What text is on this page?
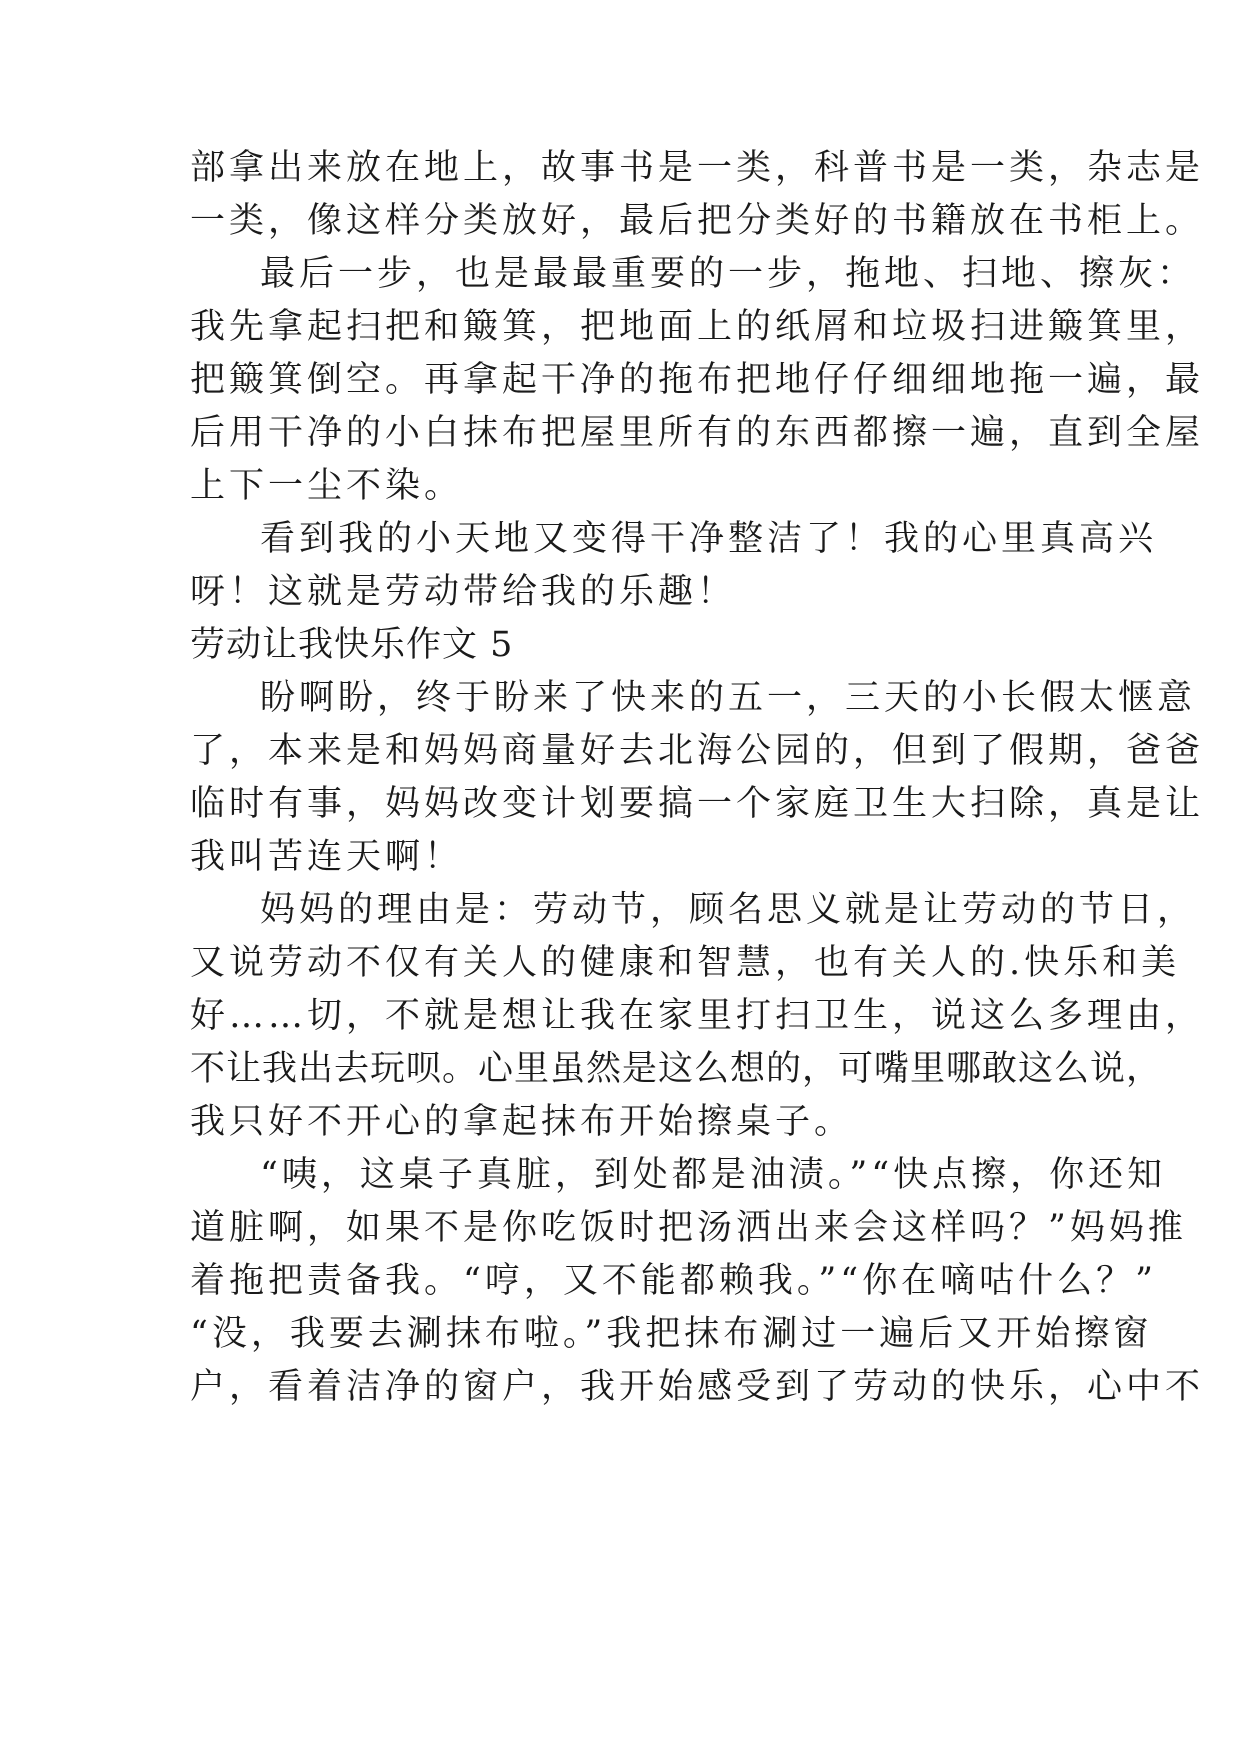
部拿出来放在地上，故事书是一类，科普书是一类，杂志是
一类，像这样分类放好，最后把分类好的书籍放在书柜上。
最后一步，也是最最重要的一步，拖地、扫地、擦灰：
我先拿起扫把和簸箕，把地面上的纸屑和垃圾扫进簸箕里，
把簸箕倒空。再拿起干净的拖布把地仔仔细细地拖一遍，最
后用干净的小白抹布把屋里所有的东西都擦一遍，直到全屋
上下一尘不染。
看到我的小天地又变得干净整洁了！我的心里真高兴
呀！这就是劳动带给我的乐趣！
劳动让我快乐作文 5
盼啊盼，终于盼来了快来的五一，三天的小长假太惬意
了，本来是和妈妈商量好去北海公园的，但到了假期，爸爸
临时有事，妈妈改变计划要搞一个家庭卫生大扫除，真是让
我叫苦连天啊！
妈妈的理由是：劳动节，顾名思义就是让劳动的节日，
又说劳动不仅有关人的健康和智慧，也有关人的.快乐和美
好……切，不就是想让我在家里打扫卫生，说这么多理由，
不让我出去玩呗。心里虽然是这么想的，可嘴里哪敢这么说，
我只好不开心的拿起抹布开始擦桌子。
“咦，这桌子真脏，到处都是油渍。”“快点擦，你还知
道脏啊，如果不是你吃饭时把汤洒出来会这样吗？”妈妈推
着拖把责备我。“哼，又不能都赖我。”“你在嘀咕什么？”
“没，我要去涮抹布啦。”我把抹布涮过一遍后又开始擦窗
户，看着洁净的窗户，我开始感受到了劳动的快乐，心中不
